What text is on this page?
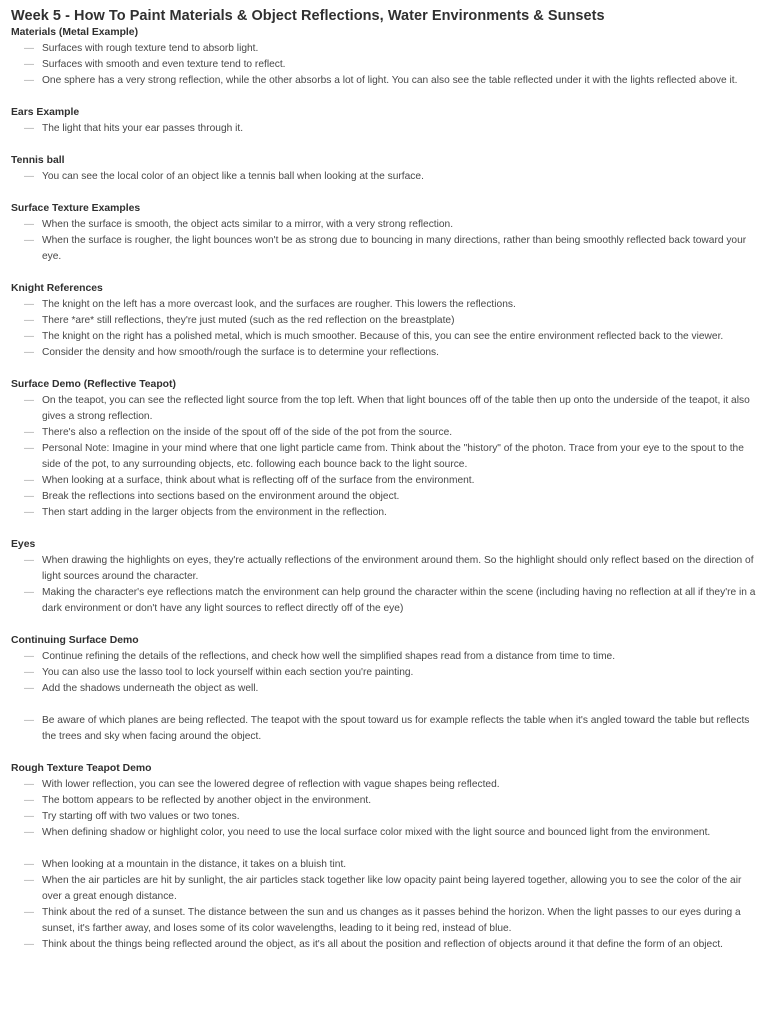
Week 5 - How To Paint Materials & Object Reflections, Water Environments & Sunsets
Materials (Metal Example)
— Surfaces with rough texture tend to absorb light.
— Surfaces with smooth and even texture tend to reflect.
— One sphere has a very strong reflection, while the other absorbs a lot of light. You can also see the table reflected under it with the lights reflected above it.
Ears Example
— The light that hits your ear passes through it.
Tennis ball
— You can see the local color of an object like a tennis ball when looking at the surface.
Surface Texture Examples
— When the surface is smooth, the object acts similar to a mirror, with a very strong reflection.
— When the surface is rougher, the light bounces won't be as strong due to bouncing in many directions, rather than being smoothly reflected back toward your eye.
Knight References
— The knight on the left has a more overcast look, and the surfaces are rougher. This lowers the reflections.
— There *are* still reflections, they're just muted (such as the red reflection on the breastplate)
— The knight on the right has a polished metal, which is much smoother. Because of this, you can see the entire environment reflected back to the viewer.
— Consider the density and how smooth/rough the surface is to determine your reflections.
Surface Demo (Reflective Teapot)
— On the teapot, you can see the reflected light source from the top left. When that light bounces off of the table then up onto the underside of the teapot, it also gives a strong reflection.
— There's also a reflection on the inside of the spout off of the side of the pot from the source.
— Personal Note: Imagine in your mind where that one light particle came from. Think about the "history" of the photon. Trace from your eye to the spout to the side of the pot, to any surrounding objects, etc. following each bounce back to the light source.
— When looking at a surface, think about what is reflecting off of the surface from the environment.
— Break the reflections into sections based on the environment around the object.
— Then start adding in the larger objects from the environment in the reflection.
Eyes
— When drawing the highlights on eyes, they're actually reflections of the environment around them. So the highlight should only reflect based on the direction of light sources around the character.
— Making the character's eye reflections match the environment can help ground the character within the scene (including having no reflection at all if they're in a dark environment or don't have any light sources to reflect directly off of the eye)
Continuing Surface Demo
— Continue refining the details of the reflections, and check how well the simplified shapes read from a distance from time to time.
— You can also use the lasso tool to lock yourself within each section you're painting.
— Add the shadows underneath the object as well.
— Be aware of which planes are being reflected. The teapot with the spout toward us for example reflects the table when it's angled toward the table but reflects the trees and sky when facing around the object.
Rough Texture Teapot Demo
— With lower reflection, you can see the lowered degree of reflection with vague shapes being reflected.
— The bottom appears to be reflected by another object in the environment.
— Try starting off with two values or two tones.
— When defining shadow or highlight color, you need to use the local surface color mixed with the light source and bounced light from the environment.
— When looking at a mountain in the distance, it takes on a bluish tint.
— When the air particles are hit by sunlight, the air particles stack together like low opacity paint being layered together, allowing you to see the color of the air over a great enough distance.
— Think about the red of a sunset. The distance between the sun and us changes as it passes behind the horizon. When the light passes to our eyes during a sunset, it's farther away, and loses some of its color wavelengths, leading to it being red, instead of blue.
— Think about the things being reflected around the object, as it's all about the position and reflection of objects around it that define the form of an object.
